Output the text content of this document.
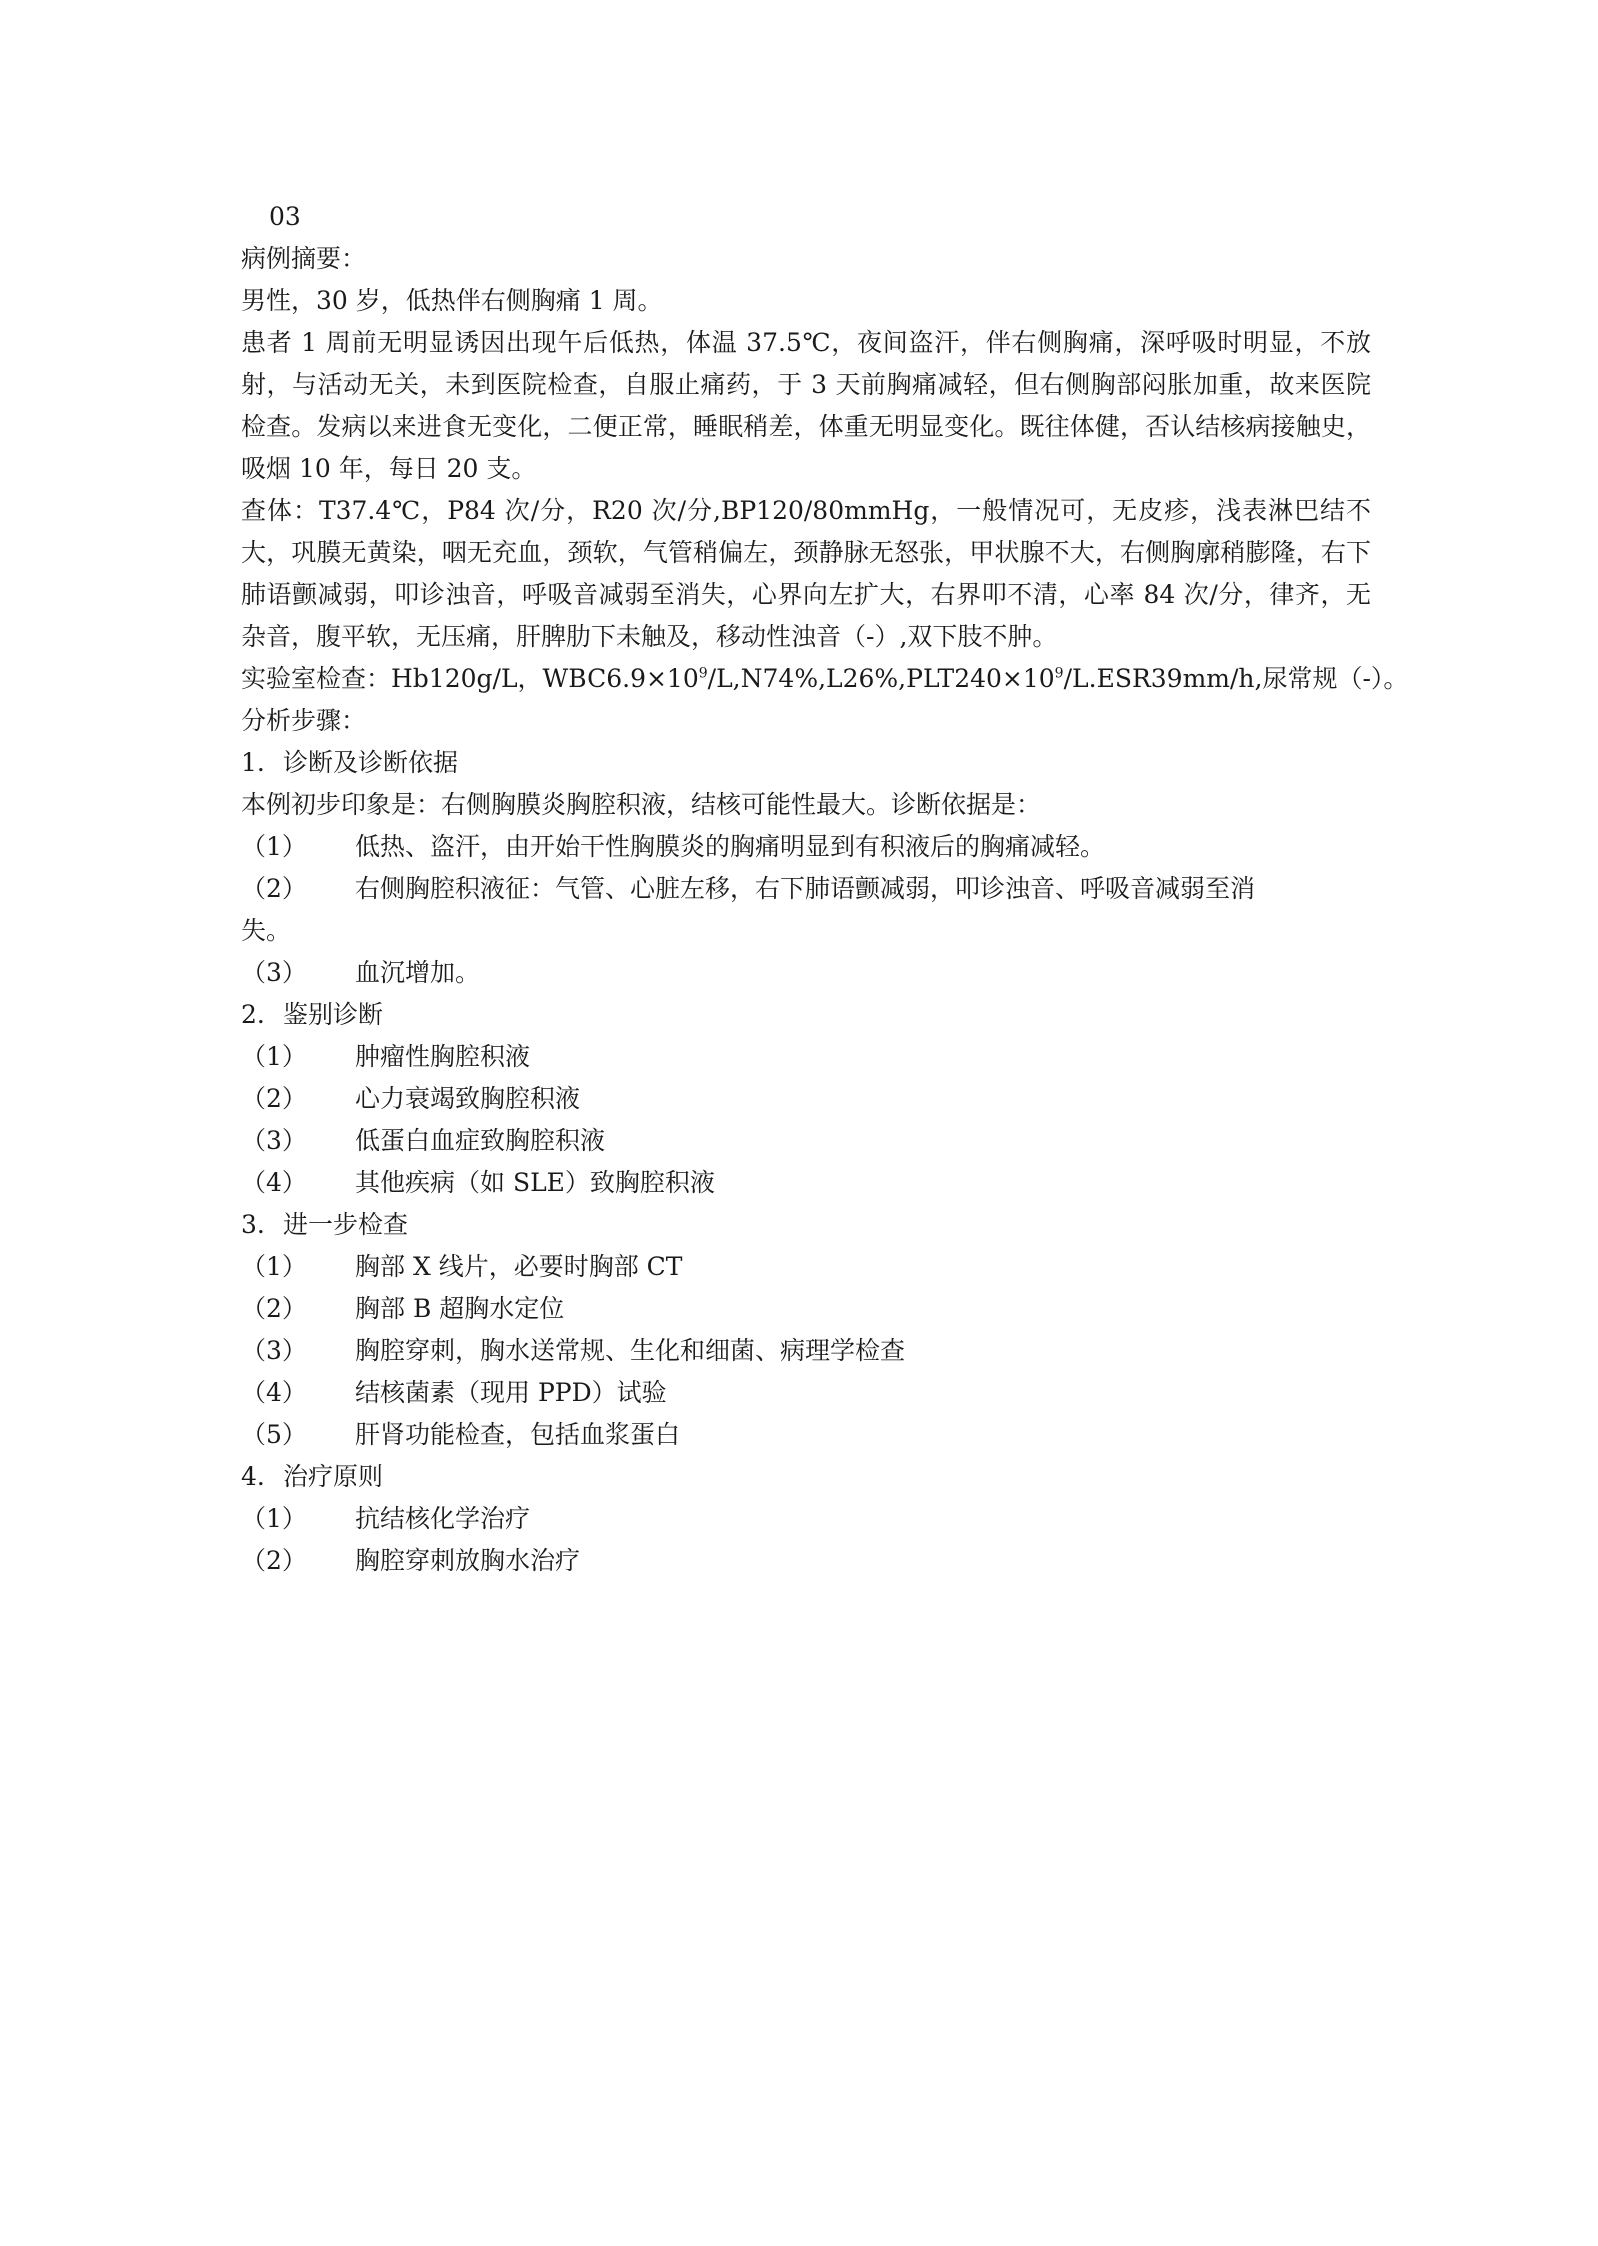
03
病例摘要：
男性，30 岁，低热伴右侧胸痛 1 周。
患者 1 周前无明显诱因出现午后低热，体温 37.5℃，夜间盗汗，伴右侧胸痛，深呼吸时明显，不放射，与活动无关，未到医院检查，自服止痛药，于 3 天前胸痛减轻，但右侧胸部闷胀加重，故来医院检查。发病以来进食无变化，二便正常，睡眠稍差，体重无明显变化。既往体健，否认结核病接触史，吸烟 10 年，每日 20 支。
查体：T37.4℃，P84 次/分，R20 次/分,BP120/80mmHg，一般情况可，无皮疹，浅表淋巴结不大，巩膜无黄染，咽无充血，颈软，气管稍偏左，颈静脉无怒张，甲状腺不大，右侧胸廓稍膨隆，右下肺语颤减弱，叩诊浊音，呼吸音减弱至消失，心界向左扩大，右界叩不清，心率 84 次/分，律齐，无杂音，腹平软，无压痛，肝脾肋下未触及，移动性浊音（-）,双下肢不肿。
实验室检查：Hb120g/L，$WBC6.9\times 10^9/L,N74\%,L26\%,PLT240\times 10^9/L.ESR39mm/h$,尿常规（-）。
分析步骤：
1. 诊断及诊断依据
本例初步印象是：右侧胸膜炎胸腔积液，结核可能性最大。诊断依据是：
（1） 低热、盗汗，由开始干性胸膜炎的胸痛明显到有积液后的胸痛减轻。
（2） 右侧胸腔积液征：气管、心脏左移，右下肺语颤减弱，叩诊浊音、呼吸音减弱至消
失。
（3） 血沉增加。
2. 鉴别诊断
（1） 肿瘤性胸腔积液
（2） 心力衰竭致胸腔积液
（3） 低蛋白血症致胸腔积液
（4） 其他疾病（如 SLE）致胸腔积液
3. 进一步检查
（1） 胸部 X 线片，必要时胸部 CT
（2） 胸部 B 超胸水定位
（3） 胸腔穿刺，胸水送常规、生化和细菌、病理学检查
（4） 结核菌素（现用 PPD）试验
（5） 肝肾功能检查，包括血浆蛋白
4. 治疗原则
（1） 抗结核化学治疗
（2） 胸腔穿刺放胸水治疗
